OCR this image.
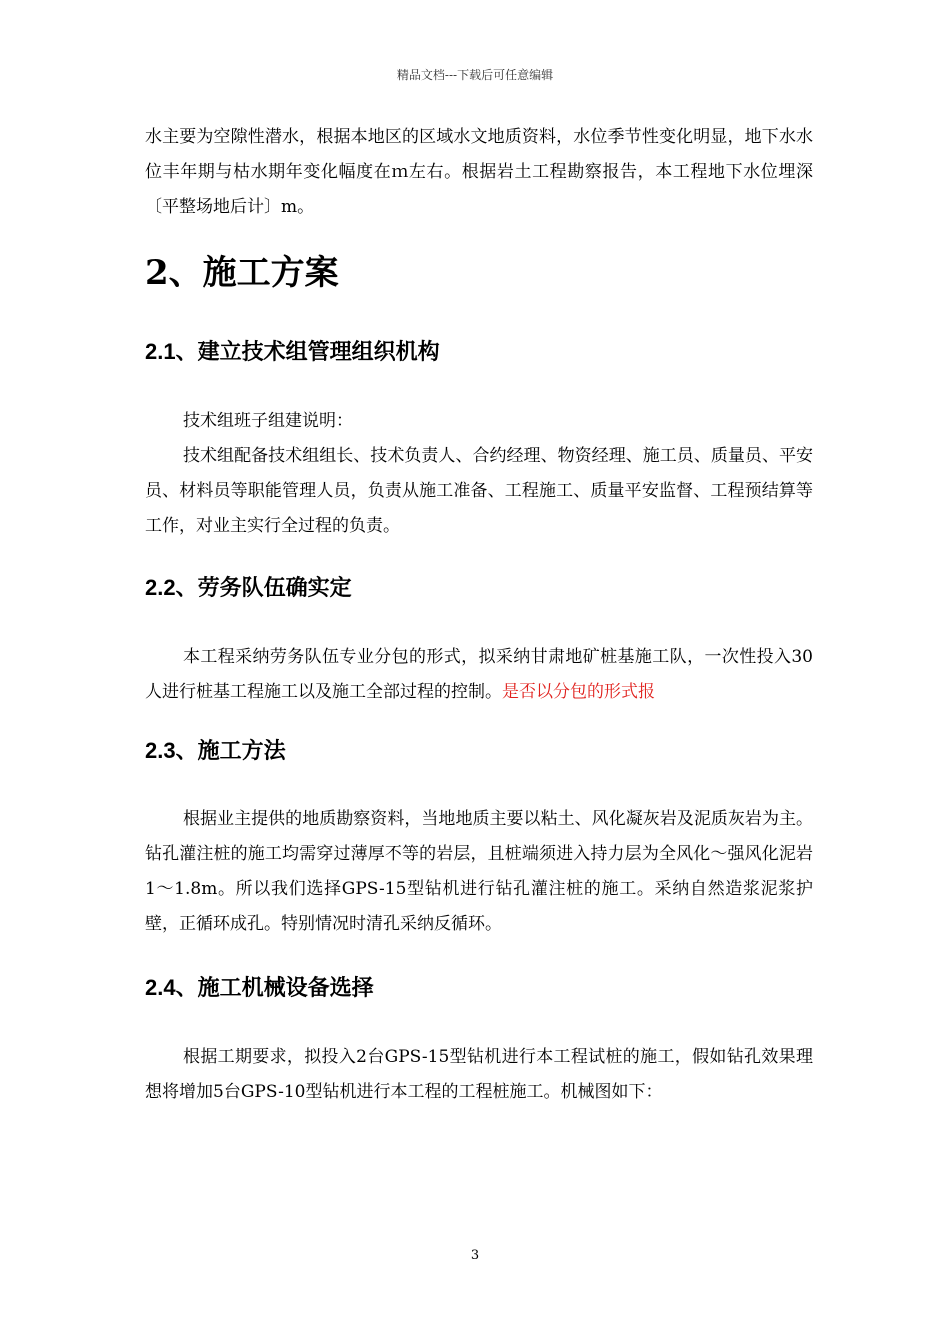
精品文档---下载后可任意编辑

水主要为空隙性潜水，根据本地区的区域水文地质资料，水位季节性变化明显，地下水水位丰年期与枯水期年变化幅度在ｍ左右。根据岩土工程勘察报告，本工程地下水位埋深〔平整场地后计〕m。

2、施工方案
2.1、建立技术组管理组织机构

技术组班子组建说明：

技术组配备技术组组长、技术负责人、合约经理、物资经理、施工员、质量员、平安员、材料员等职能管理人员，负责从施工准备、工程施工、质量平安监督、工程预结算等工作，对业主实行全过程的负责。

2.2、劳务队伍确实定

本工程采纳劳务队伍专业分包的形式，拟采纳甘肃地矿桩基施工队，一次性投入30人进行桩基工程施工以及施工全部过程的控制。是否以分包的形式报

2.3、施工方法

根据业主提供的地质勘察资料，当地地质主要以粘土、风化凝灰岩及泥质灰岩为主。钻孔灌注桩的施工均需穿过薄厚不等的岩层，且桩端须进入持力层为全风化～强风化泥岩1～1.8m。所以我们选择GPS-15型钻机进行钻孔灌注桩的施工。采纳自然造浆泥浆护壁，正循环成孔。特别情况时清孔采纳反循环。

2.4、施工机械设备选择

根据工期要求，拟投入2台GPS-15型钻机进行本工程试桩的施工，假如钻孔效果理想将增加5台GPS-10型钻机进行本工程的工程桩施工。机械图如下：

3
